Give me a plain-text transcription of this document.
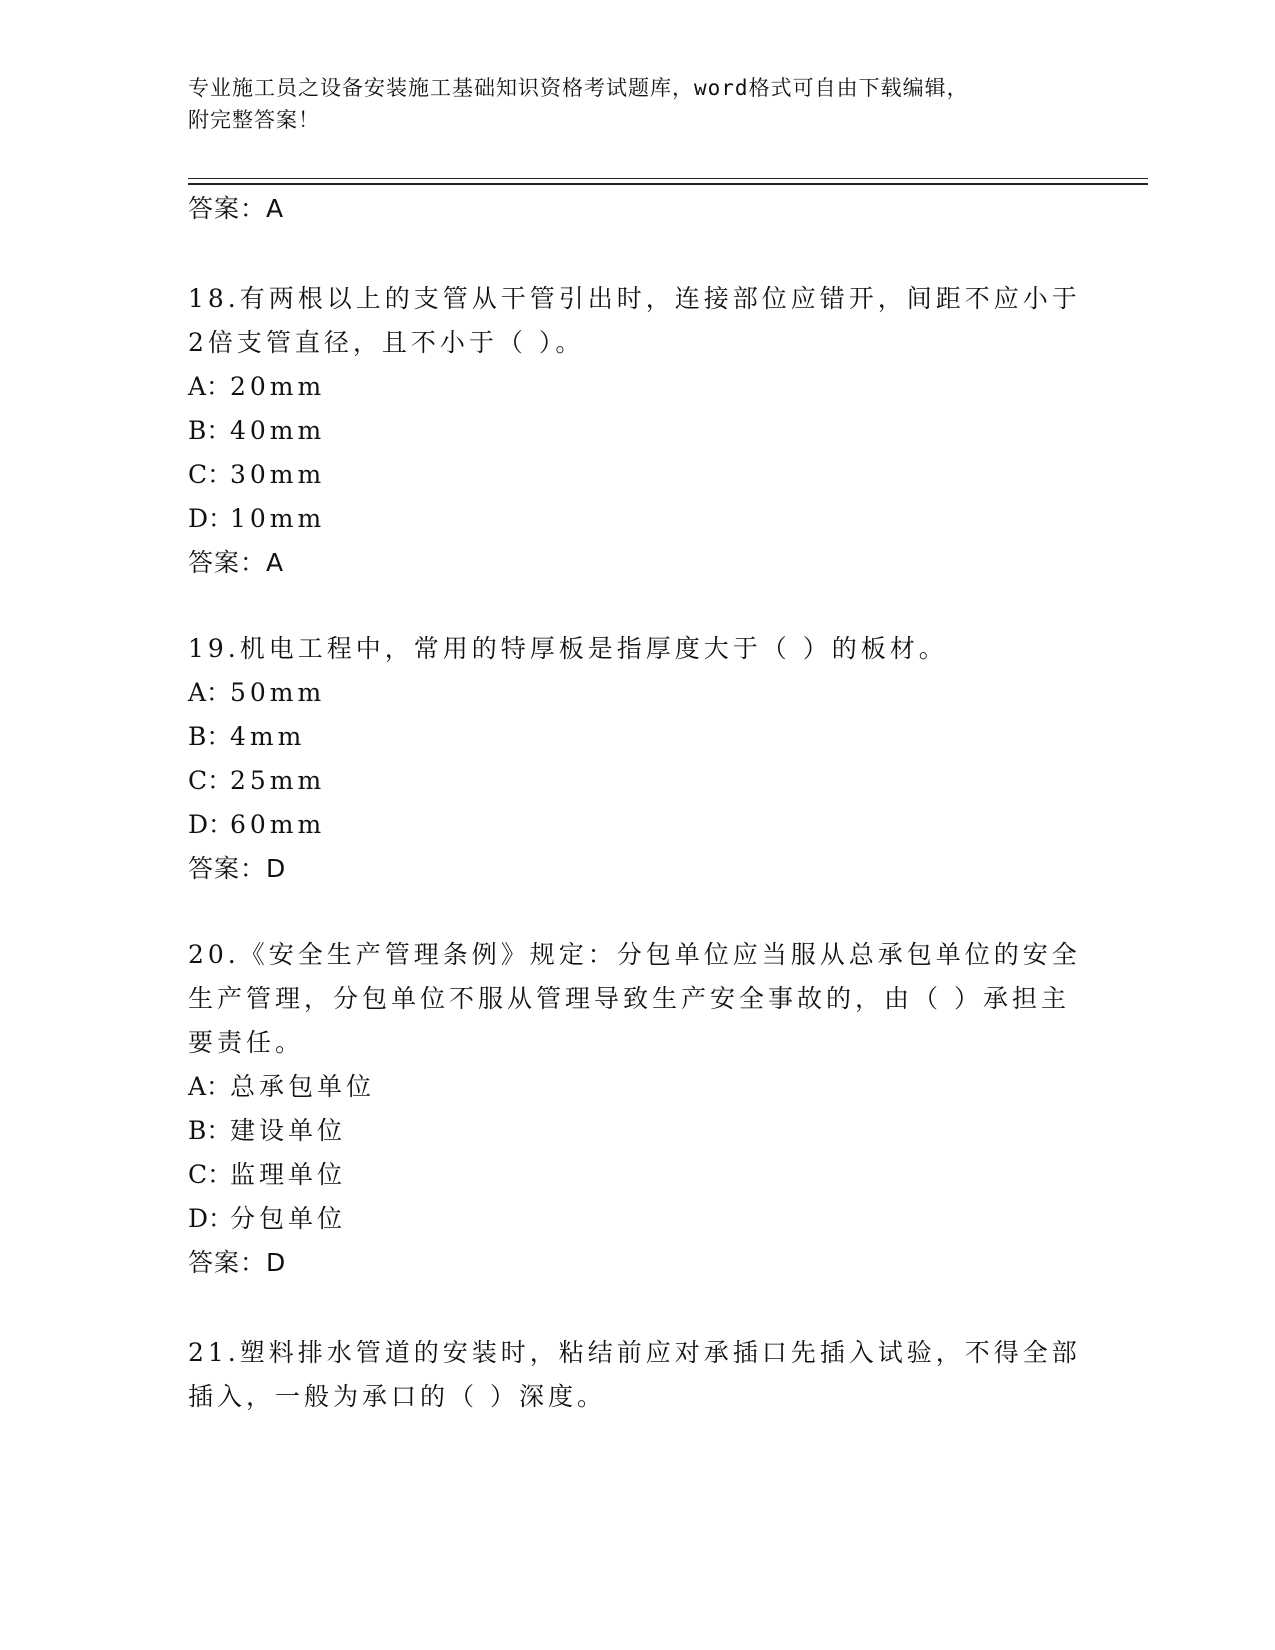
专业施工员之设备安装施工基础知识资格考试题库，word格式可自由下载编辑，
附完整答案！
答案：A
18.有两根以上的支管从干管引出时，连接部位应错开，间距不应小于
2倍支管直径，且不小于（ ）。
A：20mm
B：40mm
C：30mm
D：10mm
答案：A
19.机电工程中，常用的特厚板是指厚度大于（ ）的板材。
A：50mm
B：4mm
C：25mm
D：60mm
答案：D
20.《安全生产管理条例》规定：分包单位应当服从总承包单位的安全
生产管理，分包单位不服从管理导致生产安全事故的，由（ ）承担主
要责任。
A：总承包单位
B：建设单位
C：监理单位
D：分包单位
答案：D
21.塑料排水管道的安装时，粘结前应对承插口先插入试验，不得全部
插入，一般为承口的（ ）深度。
